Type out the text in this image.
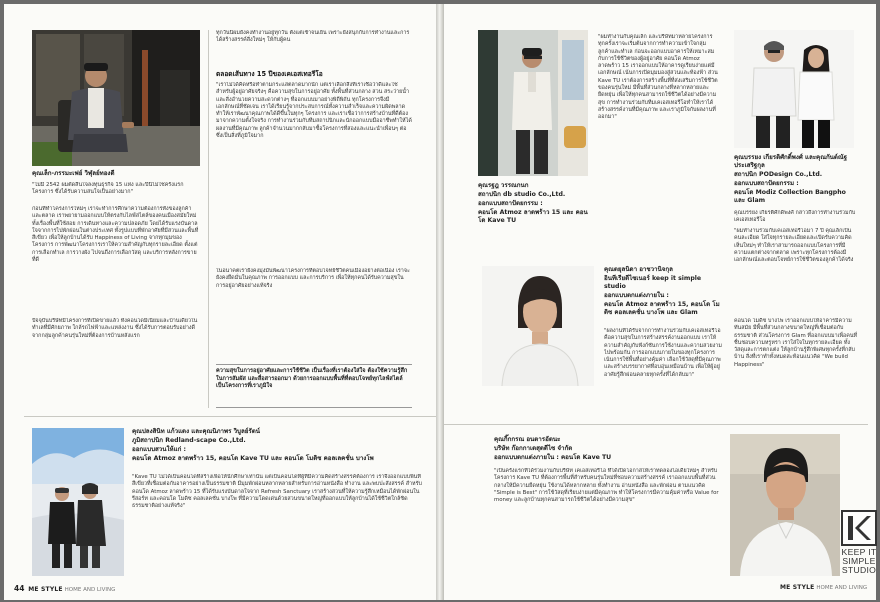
คุณเล็ก-ภรรมะเฟย์ วิฬุลย์ทองดี
"ไม่มี 2542 ผมตัดสินใจลงทุนธุรกิจ 15 แห่ง และปีนี้ไม่ใช่ครั้งแรก โครงการ ซึ่งได้รับความสนใจเป็นอย่างมาก"
ก่อนที่ทำโครงการใหม่ๆ เราจะทำการศึกษาความต้องการทั้งของลูกค้าและตลาด เราพยายามออกแบบให้ตรงกับไลฟ์สไตล์ของคนเมืองสมัยใหม่ ทั้งเรื่องพื้นที่ใช้สอย การเดินทางและความปลอดภัย โดยได้รับแรงบันดาลใจจากการไปพักผ่อนในต่างประเทศ ทั้งรูปแบบที่พักอาศัยที่มีสวนและพื้นที่สีเขียว เพื่อให้ลูกบ้านได้รับ Happiness of Living จากทุกมุมของโครงการ การพัฒนาโครงการเราให้ความสำคัญกับทุกรายละเอียด ตั้งแต่การเลือกทำเล การวางผัง ไปจนถึงการเลือกวัสดุ และบริการหลังการขายที่ดี
ปัจจุบันบริษัทมีโครงการที่เปิดขายแล้ว ทั้งคอนโดมิเนียมและบ้านเดี่ยวในทำเลที่มีศักยภาพ ใกล้รถไฟฟ้าและแหล่งงาน ซึ่งได้รับการตอบรับอย่างดีจากกลุ่มลูกค้าคนรุ่นใหม่ที่ต้องการบ้านหลังแรก
ทุกวันนี้ผมยังคงทำงานอยู่ทุกวัน ตั้งแต่เช้าจนเย็น เพราะยังสนุกกับการทำงานและการได้สร้างสรรค์สิ่งใหม่ๆ ให้กับผู้คน
ตลอดเส้นทาง 15 ปีของเคเอสเทอรีโอ
"เราไม่ได้คิดหรือทำตามกระแสตลาดมากนัก แต่เราเลือกสิ่งที่เราเชื่อว่าดีและใช่สำหรับผู้อยู่อาศัยจริงๆ คือความสุขในการอยู่อาศัย ทั้งพื้นที่ส่วนกลาง สวน สระว่ายน้ำ และสิ่งอำนวยความสะดวกต่างๆ ที่ออกแบบมาอย่างพิถีพิถัน ทุกโครงการจึงมีเอกลักษณ์ที่ชัดเจน เราได้เรียนรู้จากประสบการณ์ทั้งความสำเร็จและความผิดพลาด ทำให้เราพัฒนาคุณภาพได้ดีขึ้นในทุกๆ โครงการ และเราเชื่อว่าการสร้างบ้านที่ดีต้องมาจากความตั้งใจจริง การทำงานร่วมกับทีมสถาปนิกและนักออกแบบมืออาชีพทำให้ได้ผลงานที่มีคุณภาพ ลูกค้าจำนวนมากกลับมาซื้อโครงการที่สองและแนะนำเพื่อนๆ ต่อ ซึ่งเป็นสิ่งที่ภูมิใจมาก
ในอนาคตเรายังคงมุ่งมั่นพัฒนาโครงการที่ตอบโจทย์ชีวิตคนเมืองอย่างต่อเนื่อง เราจะยังคงยึดมั่นในคุณภาพ การออกแบบ และการบริการ เพื่อให้ทุกคนได้รับความสุขในการอยู่อาศัยอย่างแท้จริง
ความสุขในการอยู่อาศัยและการใช้ชีวิต เป็นเรื่องที่เราต้องใส่ใจ ต้องใช้ความรู้สึกในการสัมผัส และสื่อสารออกมา ด้วยการออกแบบพื้นที่ที่ตอบโจทย์ทุกไลฟ์สไตล์ เป็นโครงการที่เราภูมิใจ
คุณปลงสินิท แก้วแดง และคุณนิภาพร วิบูลย์รัตน์
ภูมิสถาปนิก Redland-scape Co.,Ltd.
ออกแบบสวนให้แก่ :
คอนโด Atmoz ลาดพร้าว 15, คอนโด Kave TU และ คอนโด โมดิซ คอลเลคชั่น บางโพ
"Kave TU ไม่ได้เป็นคอนโดที่สร้างเพื่อให้นักศึกษาเท่านั้น แต่เป็นคอนโดที่ผู้ที่มีความคิดสร้างสรรค์ต้องการ เราจึงออกแบบพื้นที่สีเขียวที่เชื่อมต่อกับอาคารอย่างเป็นธรรมชาติ มีมุมพักผ่อนหลากหลายสำหรับการอ่านหนังสือ ทำงาน และพบปะสังสรรค์ สำหรับ คอนโด Atmoz ลาดพร้าว 15 ที่ได้รับแรงบันดาลใจจาก Refresh Sanctuary เราสร้างสวนที่ให้ความรู้สึกเหมือนได้พักผ่อนในรีสอร์ท และคอนโด โมดิซ คอลเลคชั่น บางโพ ที่มีความโดดเด่นด้วยสวนขนาดใหญ่ที่ออกแบบให้ลูกบ้านได้ใช้ชีวิตใกล้ชิดธรรมชาติอย่างแท้จริง"
44 ME STYLE HOME AND LIVING
คุณรฐฎ วรรณกนก
สถาปนิก db studio Co.,Ltd.
ออกแบบสถาปัตยกรรม :
คอนโด Atmoz ลาดพร้าว 15 และ คอนโด Kave TU
"ผมทำงานกับคุณเล็ก และบริษัทมาหลายโครงการ ทุกครั้งเราจะเริ่มต้นจากการทำความเข้าใจกลุ่มลูกค้าและทำเล ก่อนจะออกแบบอาคารให้เหมาะสมกับการใช้ชีวิตของผู้อยู่อาศัย คอนโด Atmoz ลาดพร้าว 15 เราออกแบบให้อาคารดูเรียบง่ายแต่มีเอกลักษณ์ เน้นการเปิดมุมมองสู่สวนและท้องฟ้า ส่วน Kave TU เราต้องการสร้างพื้นที่ที่ส่งเสริมการใช้ชีวิตของคนรุ่นใหม่ มีพื้นที่ส่วนกลางที่หลากหลายและยืดหยุ่น เพื่อให้ทุกคนสามารถใช้ชีวิตได้อย่างมีความสุข การทำงานร่วมกับทีมเคเอสเทอรีโอทำให้เราได้สร้างสรรค์งานที่มีคุณภาพ และเราภูมิใจกับผลงานที่ออกมา"
คุณตยุลนิดา อาชวานิจกุล
อินทีเรียดีไซเนอร์ keep it simple studio
ออกแบบตกแต่งภายใน :
คอนโด Atmoz ลาดพร้าว 15, คอนโด โมดิซ คอลเลคชั่น บางโพ และ Glam
"ผลงานที่ได้รับจากการทำงานร่วมกับเคเอสเทอรีโอคือความสุขในการสร้างสรรค์งานออกแบบ เราให้ความสำคัญกับฟังก์ชันการใช้งานและความสวยงามไปพร้อมกัน การออกแบบภายในของทุกโครงการเน้นการใช้พื้นที่อย่างคุ้มค่า เลือกใช้วัสดุที่มีคุณภาพ และสร้างบรรยากาศที่อบอุ่นเหมือนบ้าน เพื่อให้ผู้อยู่อาศัยรู้สึกผ่อนคลายทุกครั้งที่ได้กลับมา"
คุณบรรยง เกียรติศักดิ์พงศ์ และคุณกันต์ณัฐ ประเสริฐกุล
สถาปนิก PODesign Co.,Ltd.
ออกแบบสถาปัตยกรรม :
คอนโด Modiz Collection Bangpho และ Glam
คุณบรรยง เกียรติศักดิ์พงศ์ กล่าวถึงการทำงานร่วมกับเคเอสเทอรีโอ
"ผมทำงานร่วมกับเคเอสเทอรีโอมา 7 ปี คุณเล็กเป็นคนละเอียด ใส่ใจทุกรายละเอียดและเปิดรับความคิดเห็นใหม่ๆ ทำให้เราสามารถออกแบบโครงการที่มีความแตกต่างจากตลาด เพราะทุกโครงการต้องมีเอกลักษณ์และตอบโจทย์การใช้ชีวิตของลูกค้าได้จริง
คอนโด โมดิซ บางโพ เราออกแบบให้อาคารมีความทันสมัย มีพื้นที่ส่วนกลางขนาดใหญ่ที่เชื่อมต่อกับธรรมชาติ ส่วนโครงการ Glam ที่ออกแบบมาเพื่อคนที่ชื่นชอบความหรูหรา เราใส่ใจในทุกรายละเอียด ทั้งวัสดุและการตกแต่ง ให้ลูกบ้านรู้สึกพิเศษทุกครั้งที่กลับบ้าน สิ่งที่เราทำทั้งหมดสะท้อนแนวคิด "We build Happiness"
คุณกิ๊กกรณ อนตารอัตนะ
บริษัท ก๊อกกาเดสุดดีไซ จำกัด
ออกแบบตกแต่งภายใน : คอนโด Kave TU
"เป็นครั้งแรกที่ได้ร่วมงานกับบริษัท เคเอสเทอรีโอ ที่ได้เปิดโอกาสให้เราทดลองไอเดียใหม่ๆ สำหรับโครงการ Kave TU ที่ต้องการพื้นที่สำหรับคนรุ่นใหม่ที่ชอบความสร้างสรรค์ เราออกแบบพื้นที่ส่วนกลางให้มีความยืดหยุ่น ใช้งานได้หลากหลาย ทั้งทำงาน อ่านหนังสือ และพักผ่อน ตามแนวคิด "Simple is Best" การใช้วัสดุที่เรียบง่ายแต่มีคุณภาพ ทำให้โครงการมีความคุ้มค่าหรือ Value for money และลูกบ้านทุกคนสามารถใช้ชีวิตได้อย่างมีความสุข"
ME STYLE HOME AND LIVING
KEEP IT
SIMPLE
STUDIO
